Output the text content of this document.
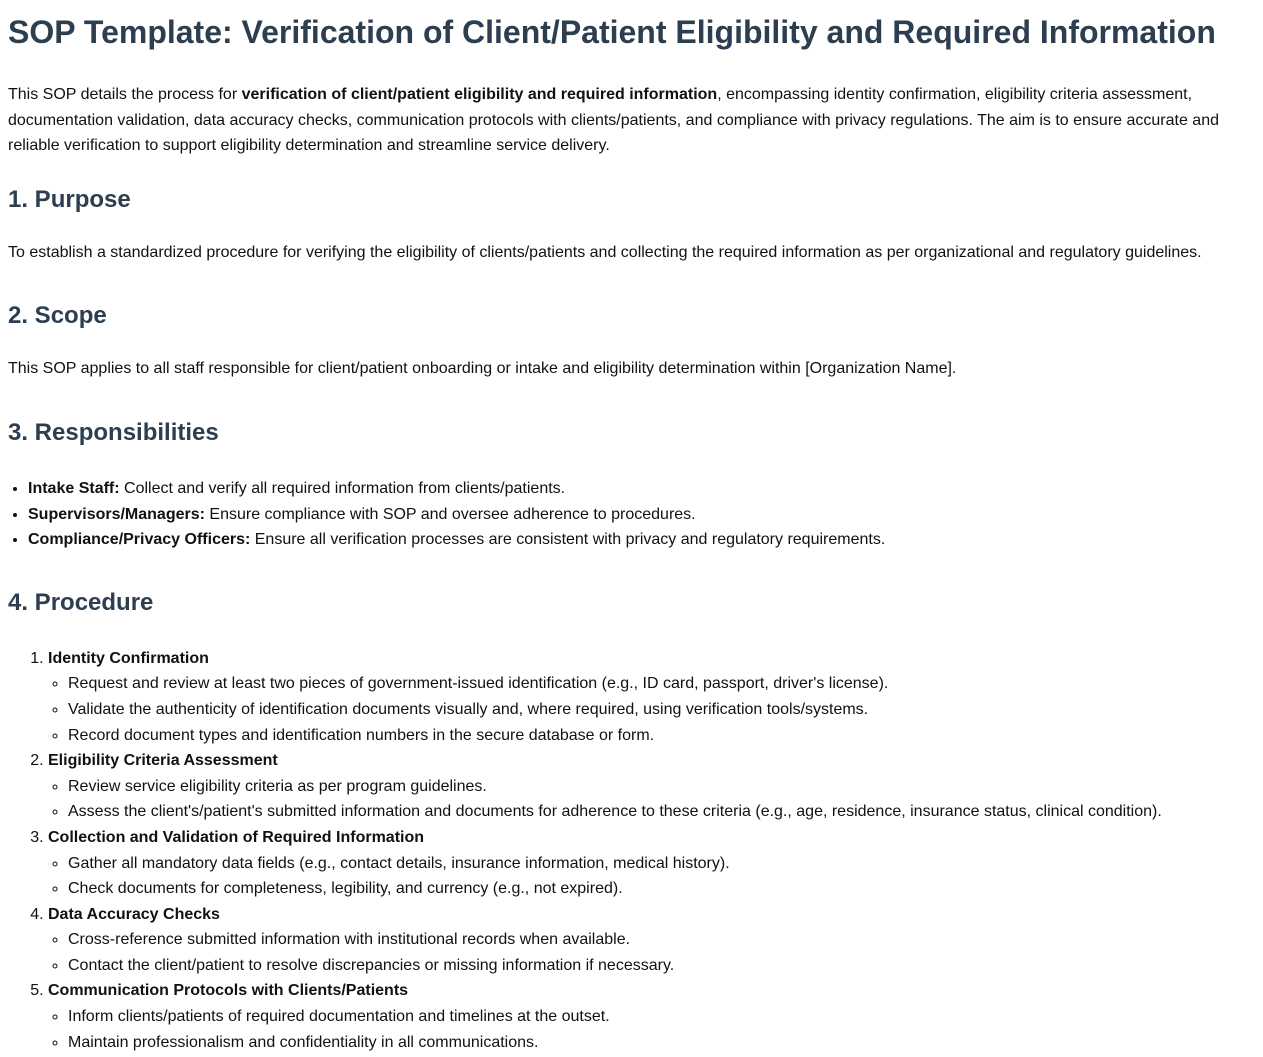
SOP Template: Verification of Client/Patient Eligibility and Required Information

This SOP details the process for verification of client/patient eligibility and required information, encompassing identity confirmation, eligibility criteria assessment, documentation validation, data accuracy checks, communication protocols with clients/patients, and compliance with privacy regulations. The aim is to ensure accurate and reliable verification to support eligibility determination and streamline service delivery.

1. Purpose

To establish a standardized procedure for verifying the eligibility of clients/patients and collecting the required information as per organizational and regulatory guidelines.

2. Scope

This SOP applies to all staff responsible for client/patient onboarding or intake and eligibility determination within [Organization Name].

3. Responsibilities
• Intake Staff: Collect and verify all required information from clients/patients.
• Supervisors/Managers: Ensure compliance with SOP and oversee adherence to procedures.
• Compliance/Privacy Officers: Ensure all verification processes are consistent with privacy and regulatory requirements.
4. Procedure
1. Identity Confirmation
◦ Request and review at least two pieces of government-issued identification (e.g., ID card, passport, driver's license).
◦ Validate the authenticity of identification documents visually and, where required, using verification tools/systems.
◦ Record document types and identification numbers in the secure database or form.
2. Eligibility Criteria Assessment
◦ Review service eligibility criteria as per program guidelines.
◦ Assess the client's/patient's submitted information and documents for adherence to these criteria (e.g., age, residence, insurance status, clinical condition).
3. Collection and Validation of Required Information
◦ Gather all mandatory data fields (e.g., contact details, insurance information, medical history).
◦ Check documents for completeness, legibility, and currency (e.g., not expired).
4. Data Accuracy Checks
◦ Cross-reference submitted information with institutional records when available.
◦ Contact the client/patient to resolve discrepancies or missing information if necessary.
5. Communication Protocols with Clients/Patients
◦ Inform clients/patients of required documentation and timelines at the outset.
◦ Maintain professionalism and confidentiality in all communications.
